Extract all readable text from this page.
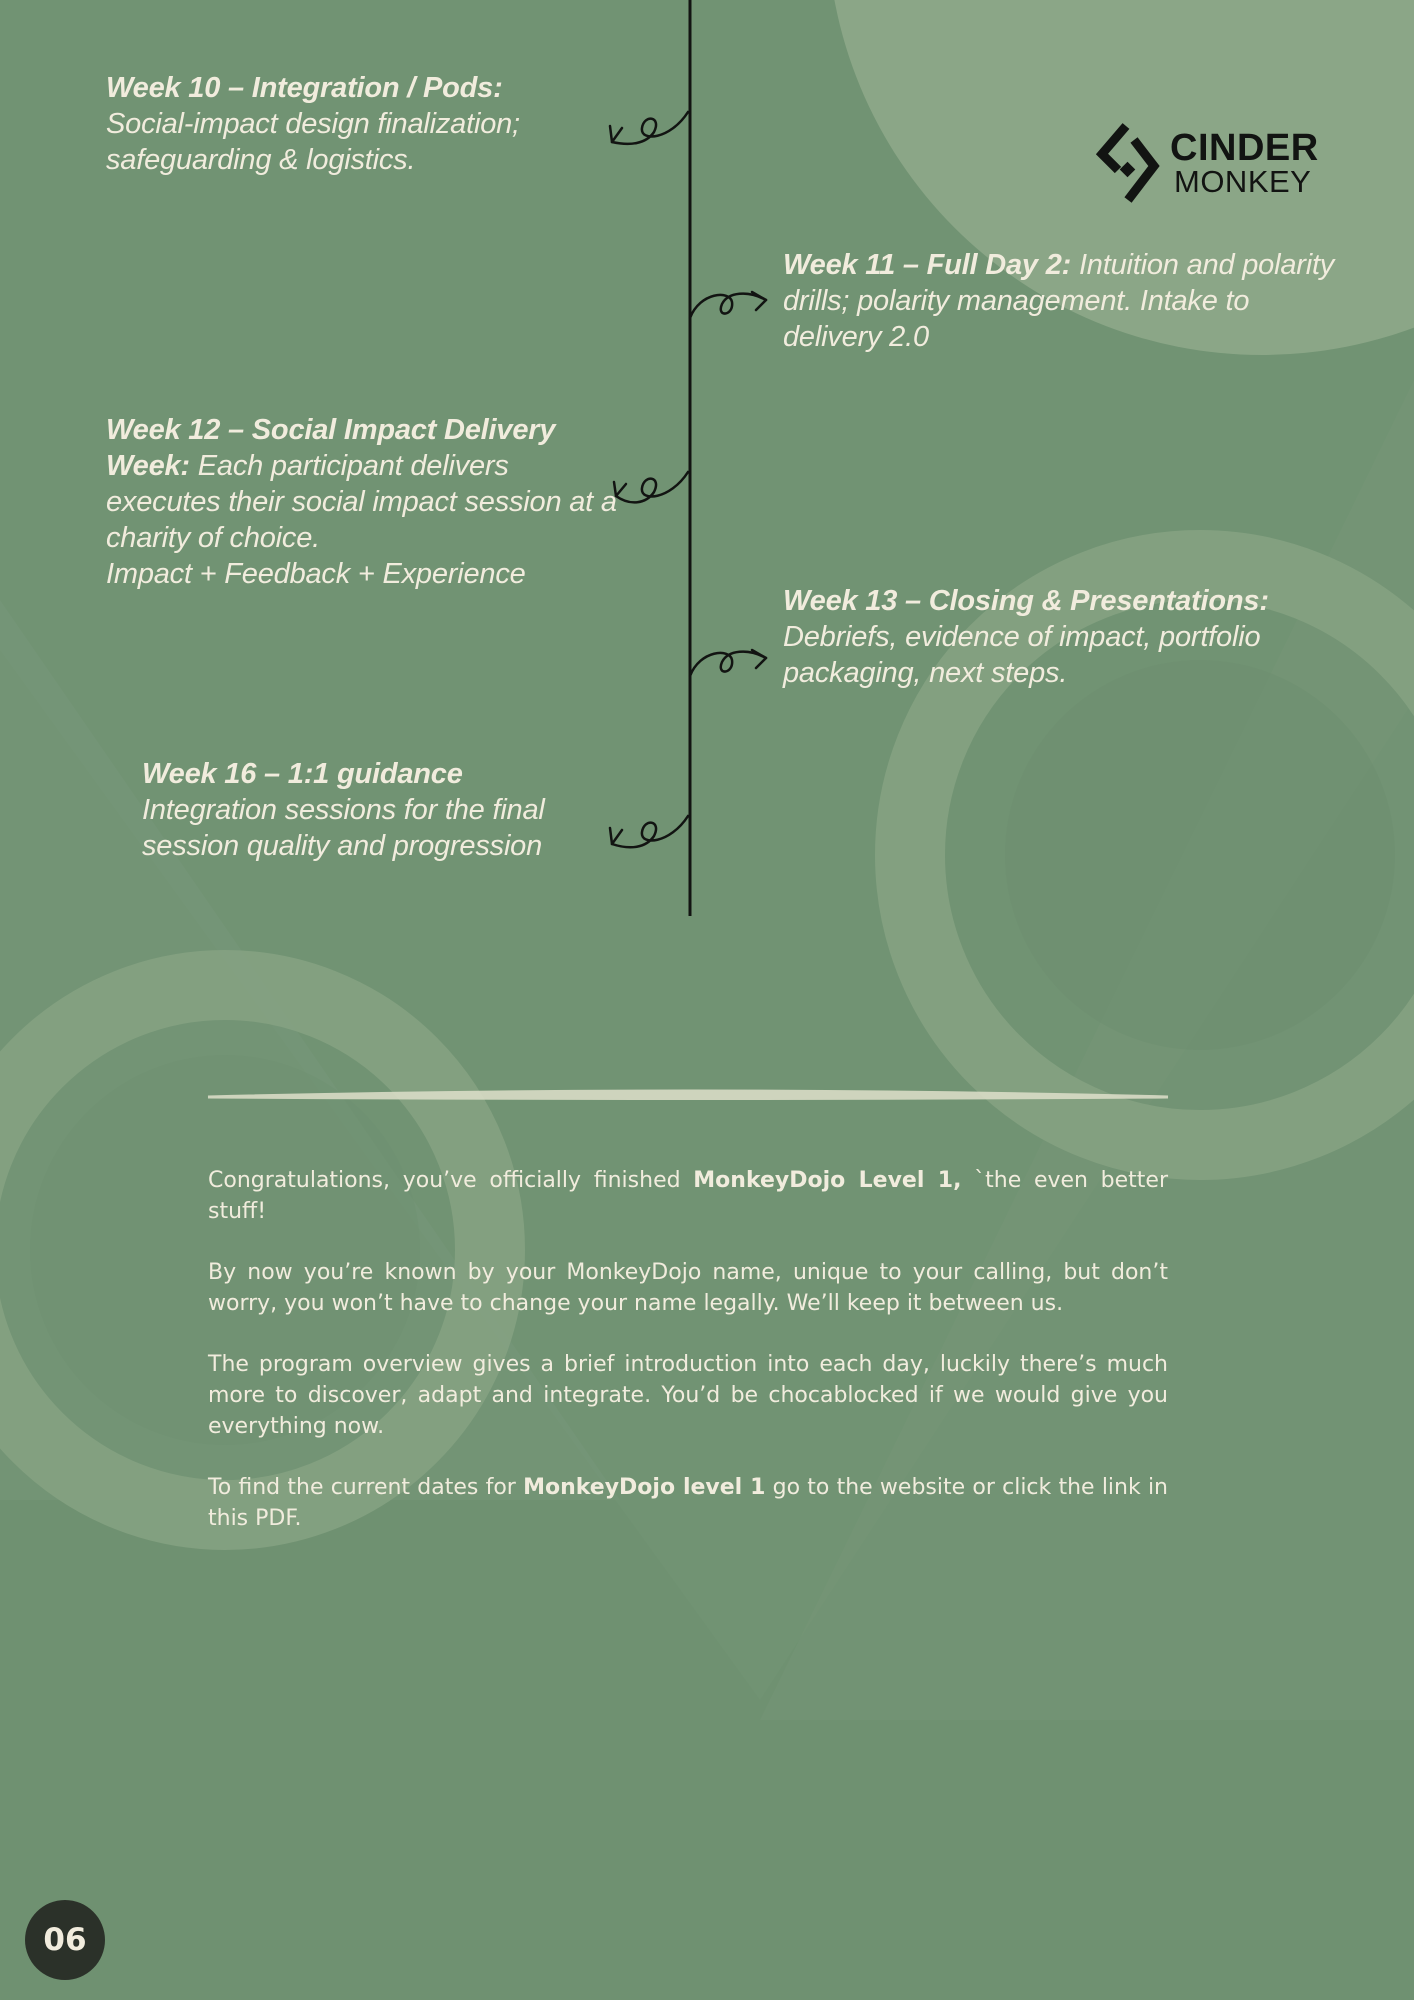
CINDER
MONKEY
Week 10 – Integration / Pods:
Social-impact design finalization; safeguarding & logistics.
Week 11 – Full Day 2: Intuition and polarity drills; polarity management. Intake to delivery 2.0
Week 12 – Social Impact Delivery Week: Each participant delivers executes their social impact session at a charity of choice.
Impact + Feedback + Experience
Week 13 – Closing & Presentations:
Debriefs, evidence of impact, portfolio packaging, next steps.
Week 16 – 1:1 guidance
Integration sessions for the final session quality and progression

Congratulations, you’ve officially finished MonkeyDojo Level 1, `the even better stuff!

By now you’re known by your MonkeyDojo name, unique to your calling, but don’t worry, you won’t have to change your name legally. We’ll keep it between us.

The program overview gives a brief introduction into each day, luckily there’s much more to discover, adapt and integrate. You’d be chocablocked if we would give you everything now.

To find the current dates for MonkeyDojo level 1 go to the website or click the link in this PDF.

06
